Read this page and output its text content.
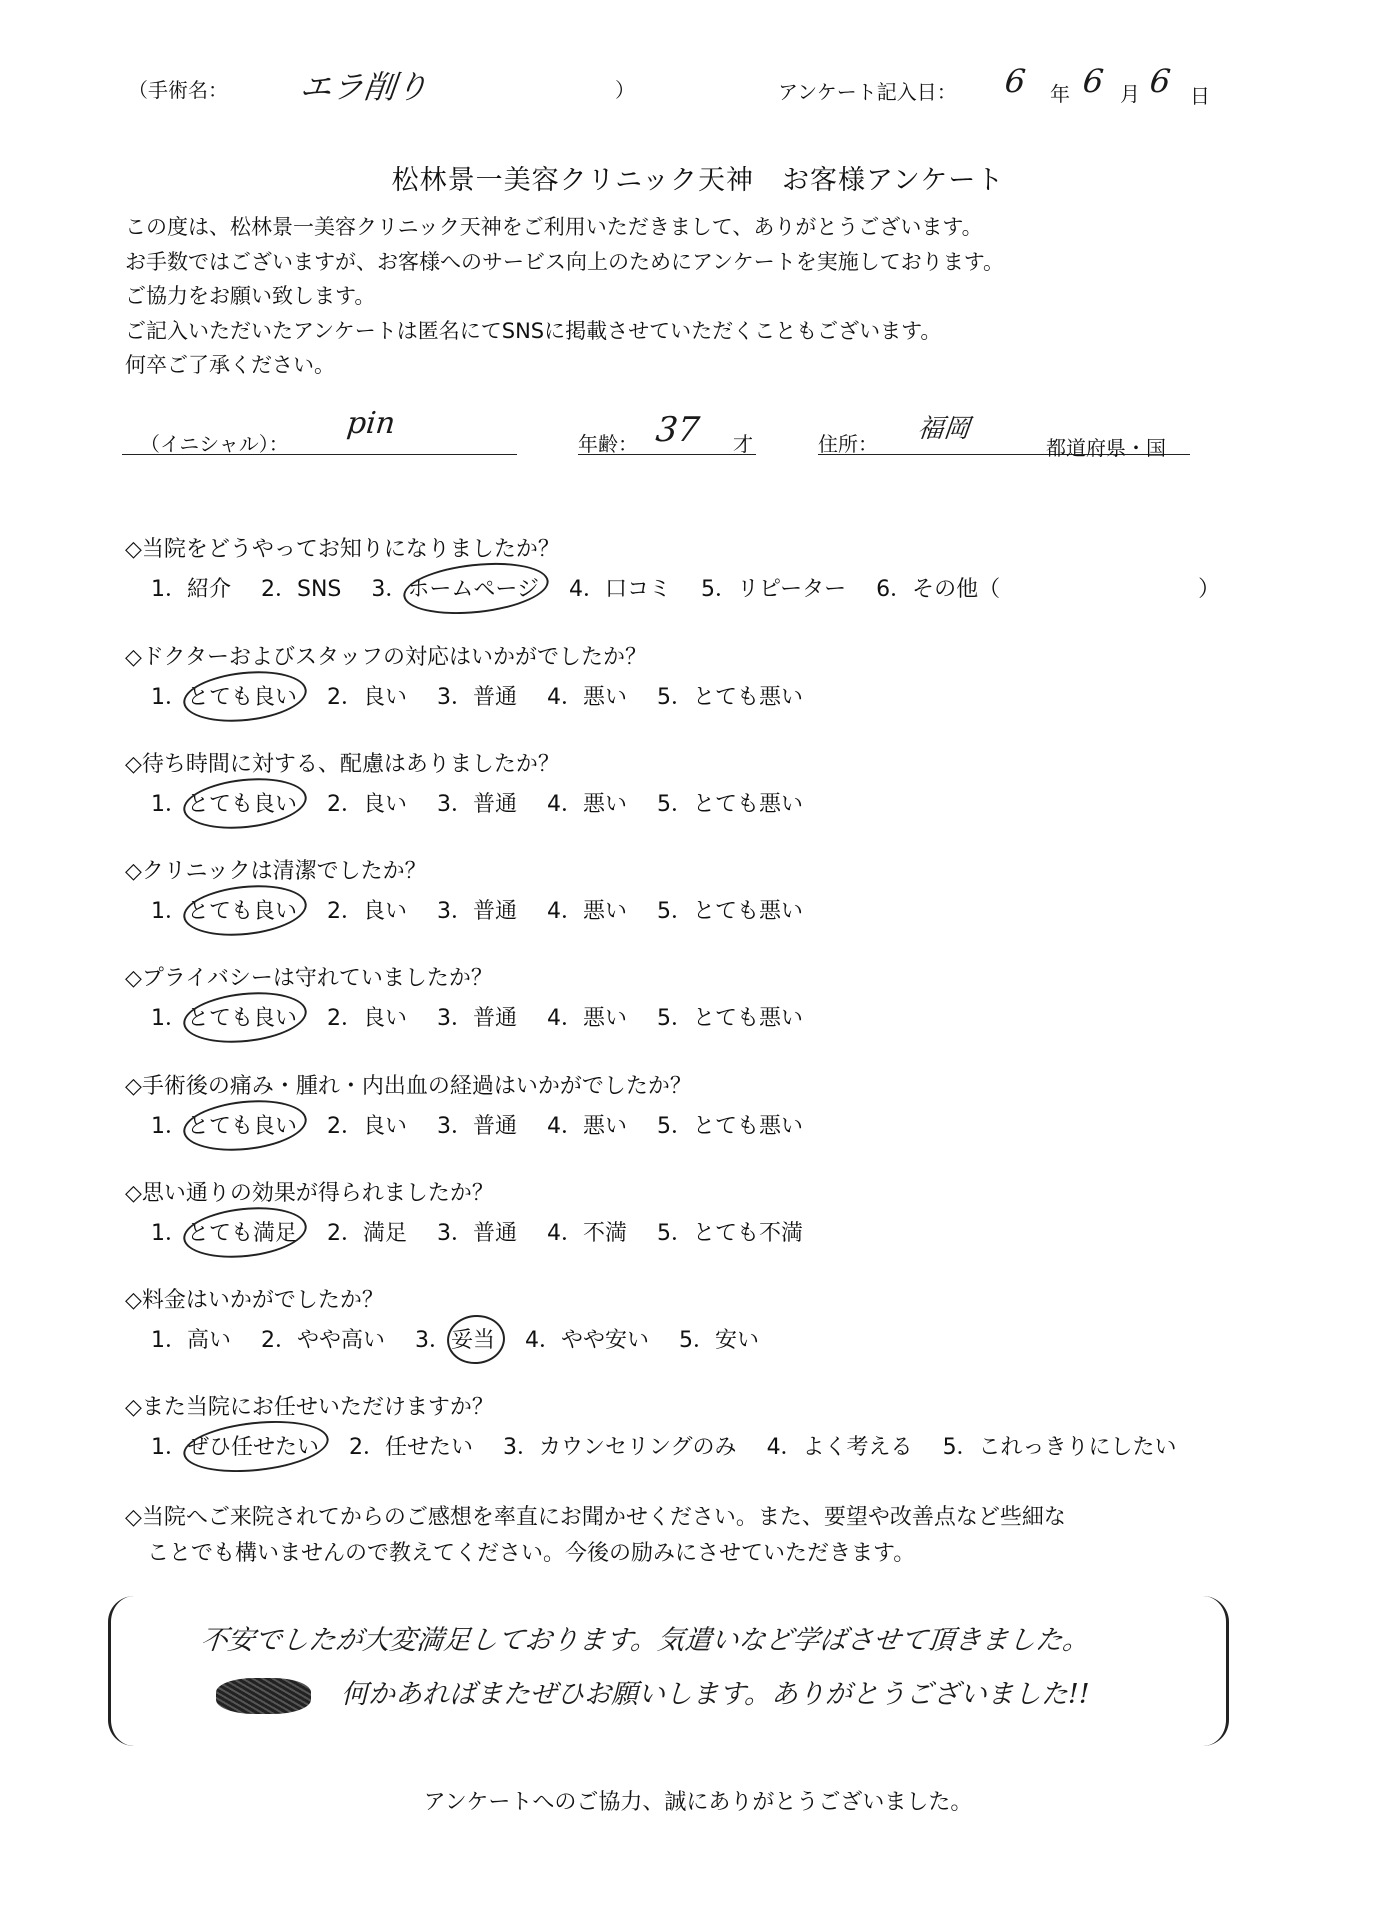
（手術名： エラ削り	）	アンケート記入日： 6 年 6 月 6 日
松林景一美容クリニック天神　お客様アンケート
この度は、松林景一美容クリニック天神をご利用いただきまして、ありがとうございます。
お手数ではございますが、お客様へのサービス向上のためにアンケートを実施しております。
ご協力をお願い致します。
ご記入いただいたアンケートは匿名にてSNSに掲載させていただくこともございます。
何卒ご了承ください。
（イニシャル）：
pin
年齢： 37 才	住所： 福岡
都道府県・国
◇当院をどうやってお知りになりましたか？
1．紹介 2．SNS 3．ホームページ 4．口コミ 5．リピーター 6．その他（　　　　　　　　　）
◇ドクターおよびスタッフの対応はいかがでしたか？
1．とても良い 2．良い 3．普通 4．悪い 5．とても悪い
◇待ち時間に対する、配慮はありましたか？
1．とても良い 2．良い 3．普通 4．悪い 5．とても悪い
◇クリニックは清潔でしたか？
1．とても良い 2．良い 3．普通 4．悪い 5．とても悪い
◇プライバシーは守れていましたか？
1．とても良い 2．良い 3．普通 4．悪い 5．とても悪い
◇手術後の痛み・腫れ・内出血の経過はいかがでしたか？
1．とても良い 2．良い 3．普通 4．悪い 5．とても悪い
◇思い通りの効果が得られましたか？
1．とても満足 2．満足 3．普通 4．不満 5．とても不満
◇料金はいかがでしたか？
1．高い 2．やや高い 3．妥当 4．やや安い 5．安い
◇また当院にお任せいただけますか？
1．ぜひ任せたい 2．任せたい 3．カウンセリングのみ 4．よく考える 5．これっきりにしたい
◇当院へご来院されてからのご感想を率直にお聞かせください。また、要望や改善点など些細な
　ことでも構いませんので教えてください。今後の励みにさせていただきます。
不安でしたが大変満足しております。気遣いなど学ばさせて頂きました。
何かあればまたぜひお願いします。ありがとうございました!!
アンケートへのご協力、誠にありがとうございました。
